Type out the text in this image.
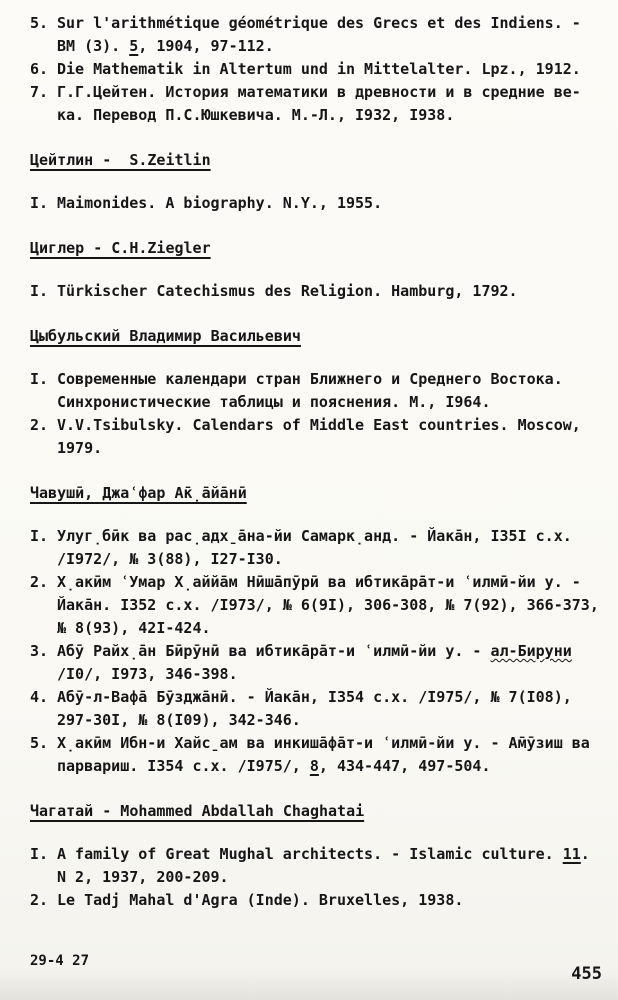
5. Sur l'arithmétique géométrique des Grecs et des Indiens. -
BM (3). 5, 1904, 97-112.
6. Die Mathematik in Altertum und in Mittelalter. Lpz., 1912.
7. Г.Г.Цейтен. История математики в древности и в средние ве-
ка. Перевод П.С.Юшкевича. М.-Л., I932, I938.
Цейтлин -  S.Zeitlin
I. Maimonides. A biography. N.Y., 1955.
Циглер - C.H.Ziegler
I. Türkischer Catechismus des Religion. Hamburg, 1792.
Цыбульский Владимир Васильевич
I. Современные календари стран Ближнего и Среднего Востока.
Синхронистические таблицы и пояснения. М., I964.
2. V.V.Tsibulsky. Calendars of Middle East countries. Moscow,
1979.
Чавушӣ, Джаʿфар А̄к̣а̄йа̄нӣ
I. Улуг̣бӣк ва рас̣адх̱а̄на-йи Самарк̣анд. - Йака̄н, I35I с.х.
/I972/, № 3(88), I27-I30.
2. Х̣акӣм ʿУмар Х̣аййа̄м Нӣша̄пӯрӣ ва ибтика̄ра̄т-и ʿилмӣ-йи у. -
Йака̄н. I352 с.х. /I973/, № 6(9I), 306-308, № 7(92), 366-373,
№ 8(93), 42I-424.
3. Абӯ Райх̣а̄н Бӣрӯнӣ ва ибтика̄ра̄т-и ʿилмӣ-йи у. - ал-Бируни
/I0/, I973, 346-398.
4. Абӯ-л-Вафа̄ Бӯзджа̄нӣ. - Йака̄н, I354 с.х. /I975/, № 7(I08),
297-30I, № 8(I09), 342-346.
5. Х̣акӣм Ибн-и Хайс̱ам ва инкиша̄фа̄т-и ʿилмӣ-йи у. - А̄мӯзиш ва
парвариш. I354 с.х. /I975/, 8, 434-447, 497-504.
Чагатай - Mohammed Abdallah Chaghatai
I. A family of Great Mughal architects. - Islamic culture. 11.
N 2, 1937, 200-209.
2. Le Tadj Mahal d'Agra (Inde). Bruxelles, 1938.
29-4 27
455
